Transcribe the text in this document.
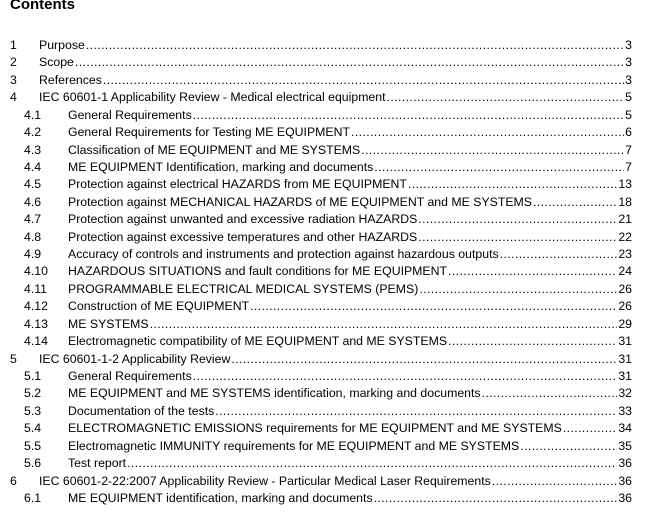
Contents
1 Purpose .....	3
2 Scope .....	3
3 References .....	3
4 IEC 60601-1 Applicability Review - Medical electrical equipment .....	5
4.1 General Requirements .....	5
4.2 General Requirements for Testing ME EQUIPMENT .....	6
4.3 Classification of ME EQUIPMENT and ME SYSTEMS .....	7
4.4 ME EQUIPMENT Identification, marking and documents .....	7
4.5 Protection against electrical HAZARDS from ME EQUIPMENT .....	13
4.6 Protection against MECHANICAL HAZARDS of ME EQUIPMENT and ME SYSTEMS .....	18
4.7 Protection against unwanted and excessive radiation HAZARDS .....	21
4.8 Protection against excessive temperatures and other HAZARDS .....	22
4.9 Accuracy of controls and instruments and protection against hazardous outputs .....	23
4.10 HAZARDOUS SITUATIONS and fault conditions for ME EQUIPMENT .....	24
4.11 PROGRAMMABLE ELECTRICAL MEDICAL SYSTEMS (PEMS) .....	26
4.12 Construction of ME EQUIPMENT .....	26
4.13 ME SYSTEMS .....	29
4.14 Electromagnetic compatibility of ME EQUIPMENT and ME SYSTEMS .....	31
5 IEC 60601-1-2 Applicability Review .....	31
5.1 General Requirements .....	31
5.2 ME EQUIPMENT and ME SYSTEMS identification, marking and documents .....	32
5.3 Documentation of the tests .....	33
5.4 ELECTROMAGNETIC EMISSIONS requirements for ME EQUIPMENT and ME SYSTEMS .....	34
5.5 Electromagnetic IMMUNITY requirements for ME EQUIPMENT and ME SYSTEMS .....	35
5.6 Test report .....	36
6 IEC 60601-2-22:2007 Applicability Review - Particular Medical Laser Requirements .....	36
6.1 ME EQUIPMENT identification, marking and documents .....	36
